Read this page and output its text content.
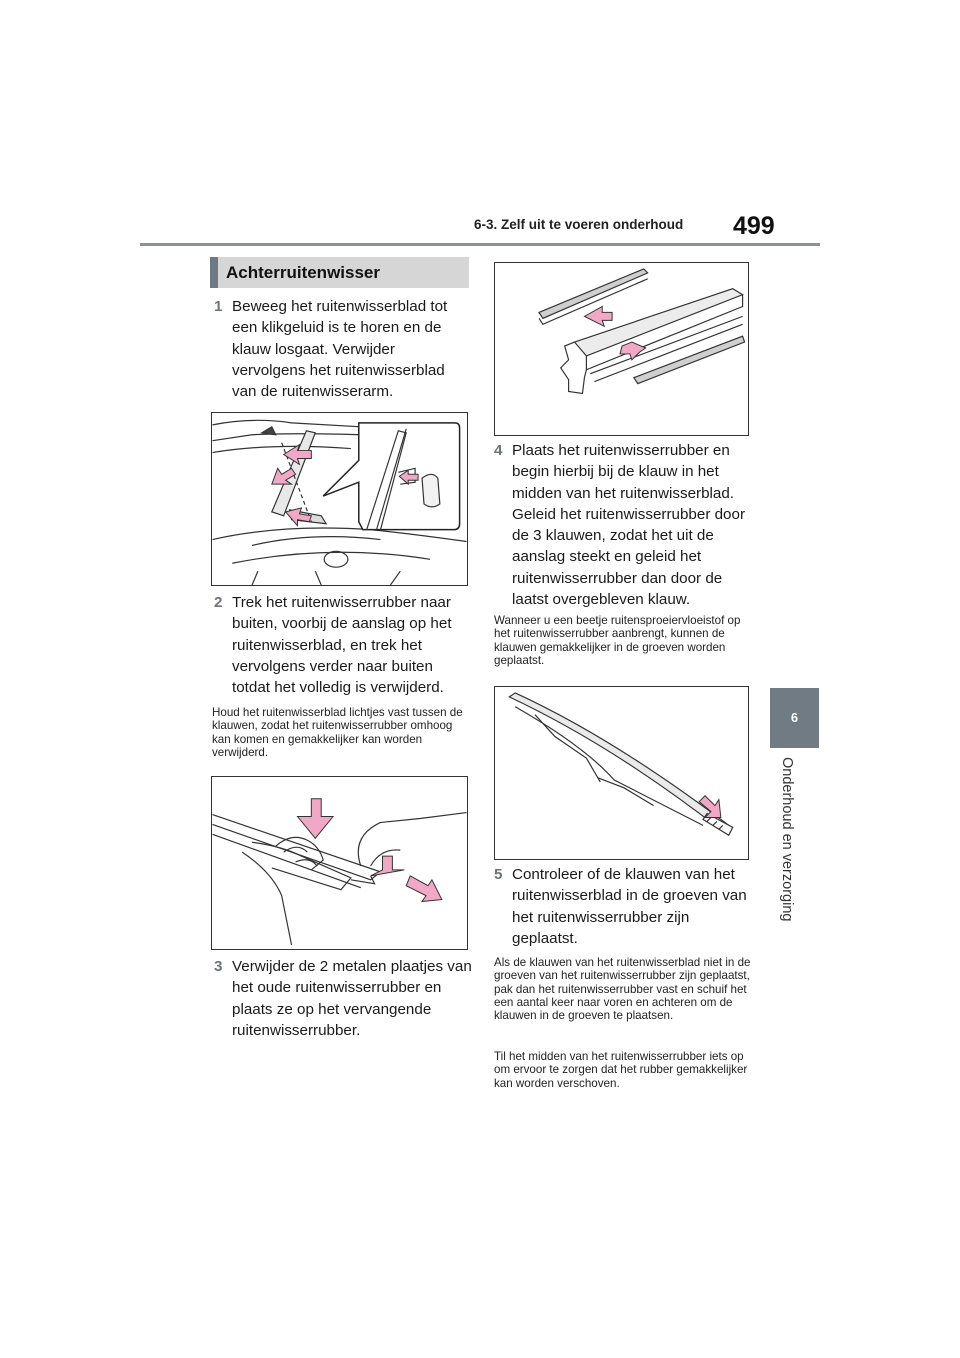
6-3. Zelf uit te voeren onderhoud 499
6
Onderhoud en verzorging
Achterruitenwisser
1 Beweeg het ruitenwisserblad tot een klikgeluid is te horen en de klauw losgaat. Verwijder vervolgens het ruitenwisserblad van de ruitenwisserarm.
2 Trek het ruitenwisserrubber naar buiten, voorbij de aanslag op het ruitenwisserblad, en trek het vervolgens verder naar buiten totdat het volledig is verwijderd.
Houd het ruitenwisserblad lichtjes vast tussen de klauwen, zodat het ruitenwisserrubber omhoog kan komen en gemakkelijker kan worden verwijderd.
3 Verwijder de 2 metalen plaatjes van het oude ruitenwisserrubber en plaats ze op het vervangende ruitenwisserrubber.
4 Plaats het ruitenwisserrubber en begin hierbij bij de klauw in het midden van het ruitenwisserblad. Geleid het ruitenwisserrubber door de 3 klauwen, zodat het uit de aanslag steekt en geleid het ruitenwisserrubber dan door de laatst overgebleven klauw.
Wanneer u een beetje ruitensproeiervloeistof op het ruitenwisserrubber aanbrengt, kunnen de klauwen gemakkelijker in de groeven worden geplaatst.
5 Controleer of de klauwen van het ruitenwisserblad in de groeven van het ruitenwisserrubber zijn geplaatst.
Als de klauwen van het ruitenwisserblad niet in de groeven van het ruitenwisserrubber zijn geplaatst, pak dan het ruitenwisserrubber vast en schuif het een aantal keer naar voren en achteren om de klauwen in de groeven te plaatsen.
Til het midden van het ruitenwisserrubber iets op om ervoor te zorgen dat het rubber gemakkelijker kan worden verschoven.
